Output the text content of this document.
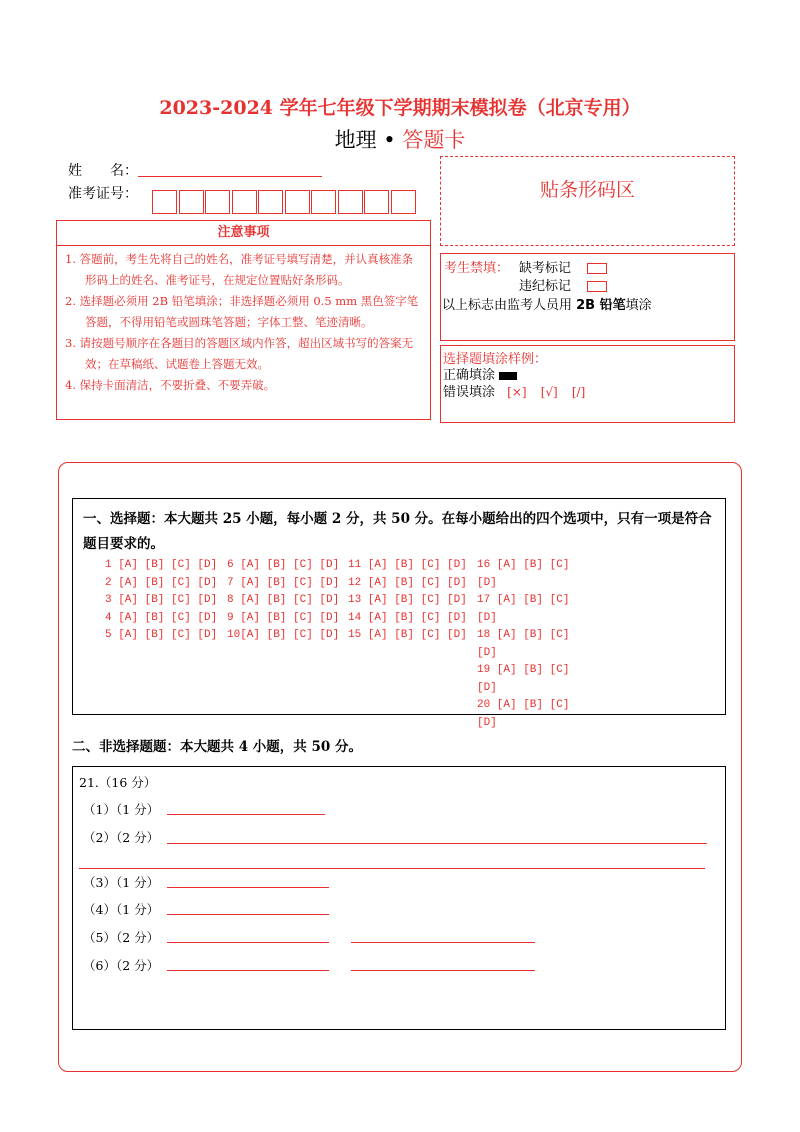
2023-2024 学年七年级下学期期末模拟卷（北京专用）
地理 • 答题卡
姓　　名：
准考证号：
注意事项
1. 答题前，考生先将自己的姓名，准考证号填写清楚，并认真核准条形码上的姓名、准考证号，在规定位置贴好条形码。
2. 选择题必须用 2B 铅笔填涂；非选择题必须用 0.5 mm 黑色签字笔答题，不得用铅笔或圆珠笔答题；字体工整、笔迹清晰。
3. 请按题号顺序在各题目的答题区域内作答，超出区域书写的答案无效；在草稿纸、试题卷上答题无效。
4. 保持卡面清洁，不要折叠、不要弄破。
贴条形码区
考生禁填： 缺考标记
违纪标记
以上标志由监考人员用 2B 铅笔填涂
选择题填涂样例：
正确填涂
错误填涂 [×] [√] [/]
一、选择题：本大题共 25 小题，每小题 2 分，共 50 分。在每小题给出的四个选项中，只有一项是符合题目要求的。
1 [A] [B] [C] [D]
2 [A] [B] [C] [D]
3 [A] [B] [C] [D]
4 [A] [B] [C] [D]
5 [A] [B] [C] [D]
6 [A] [B] [C] [D]
7 [A] [B] [C] [D]
8 [A] [B] [C] [D]
9 [A] [B] [C] [D]
10[A] [B] [C] [D]
11 [A] [B] [C] [D]
12 [A] [B] [C] [D]
13 [A] [B] [C] [D]
14 [A] [B] [C] [D]
15 [A] [B] [C] [D]
16 [A] [B] [C]
[D]
17 [A] [B] [C]
[D]
18 [A] [B] [C]
[D]
19 [A] [B] [C]
[D]
20 [A] [B] [C]
[D]
二、非选择题题：本大题共 4 小题，共 50 分。
21.（16 分）
（1）（1 分）
（2）（2 分）
（3）（1 分）
（4）（1 分）
（5）（2 分）
（6）（2 分）
